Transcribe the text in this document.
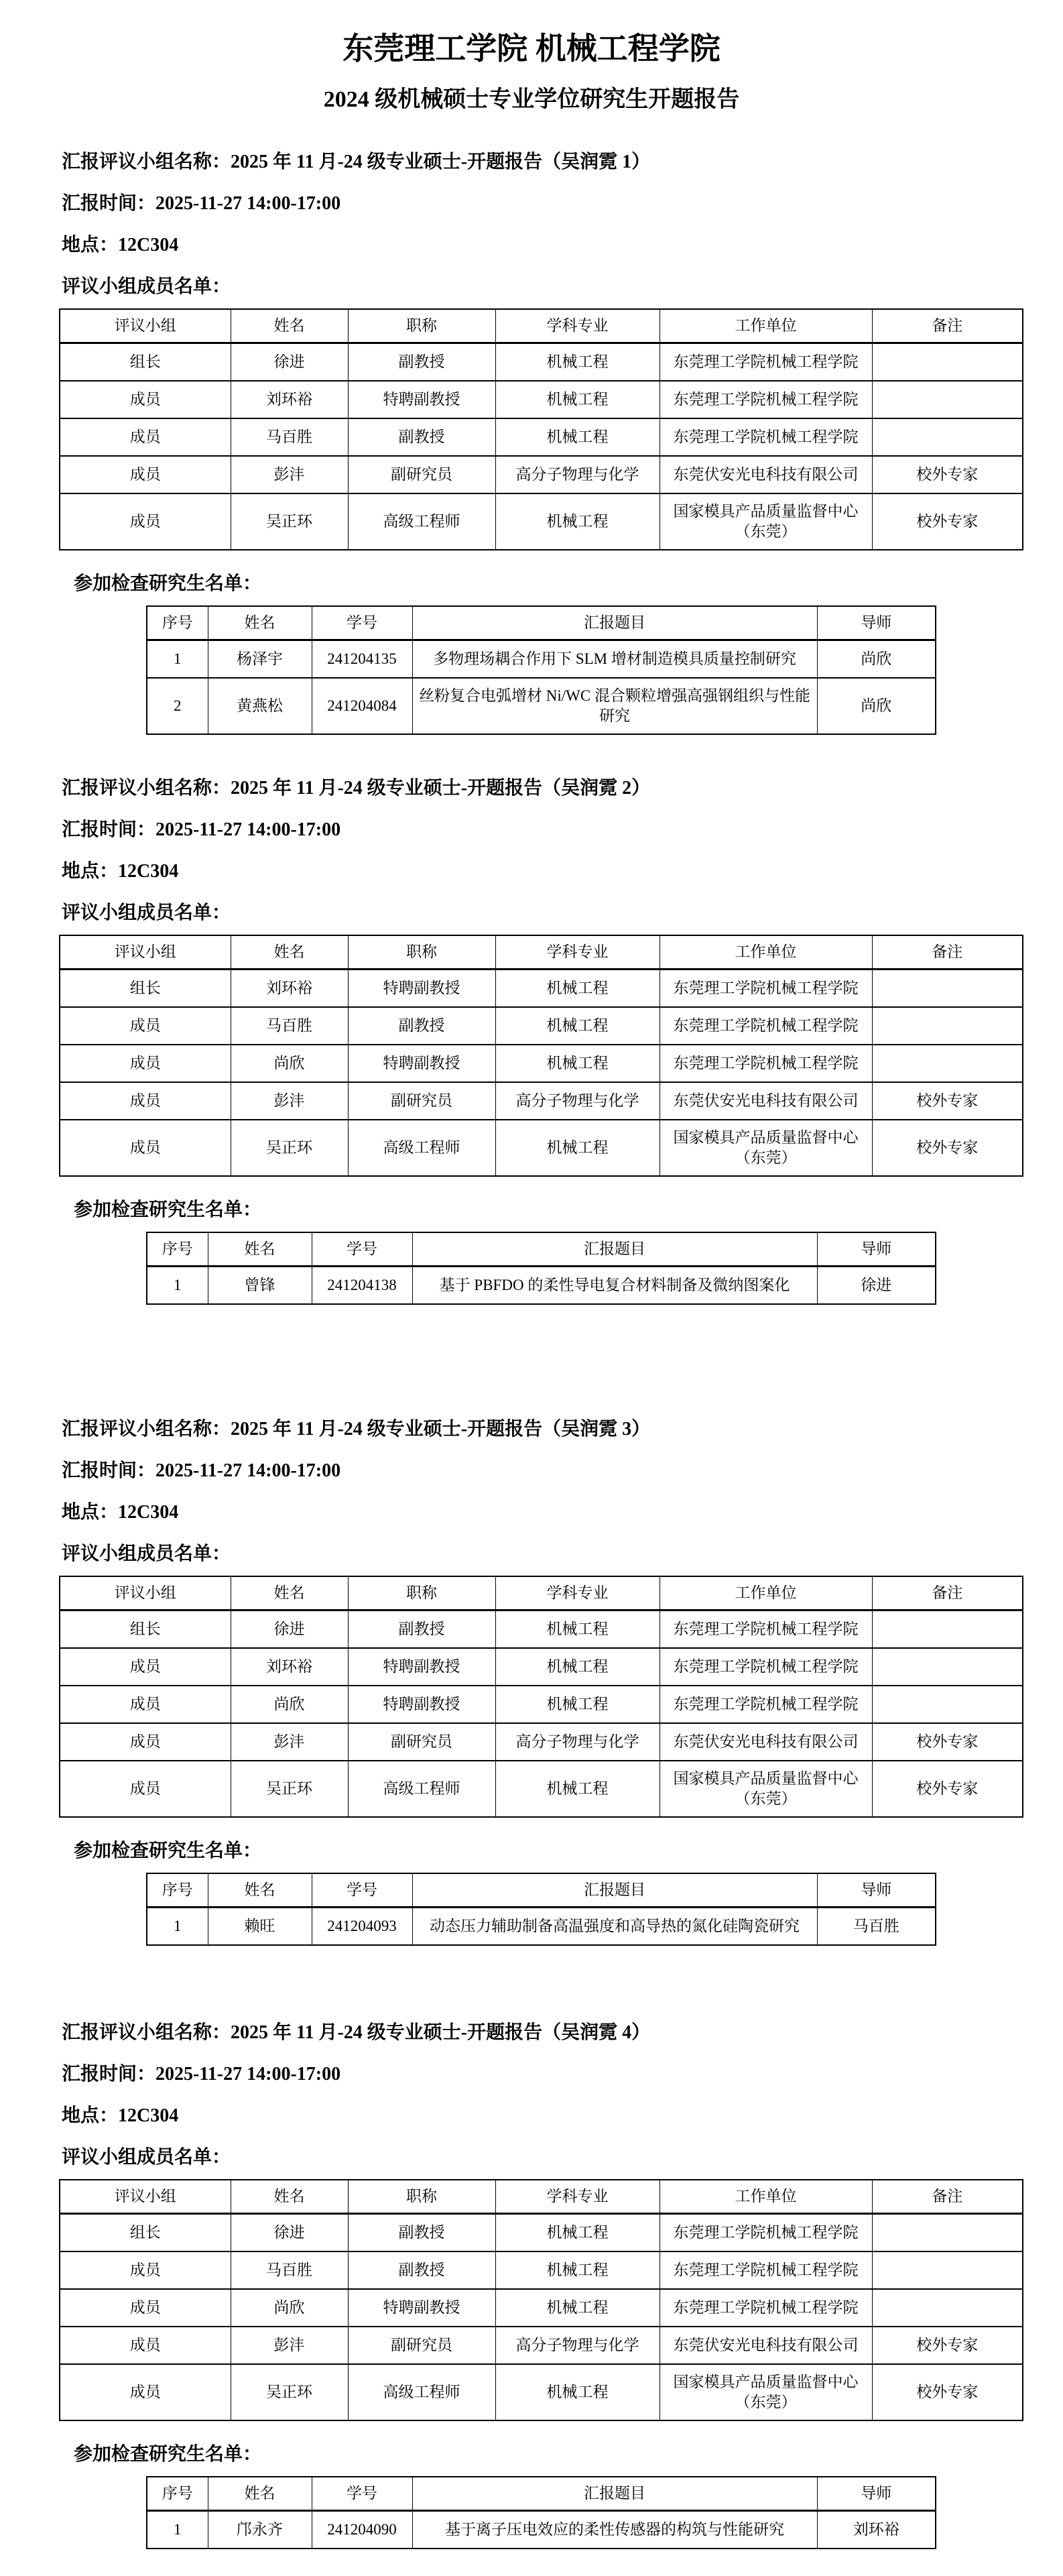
东莞理工学院 机械工程学院
2024 级机械硕士专业学位研究生开题报告

汇报评议小组名称：2025 年 11 月-24 级专业硕士-开题报告（吴润霓 1）

汇报时间：2025-11-27 14:00-17:00

地点：12C304

评议小组成员名单：

评议小组	姓名	职称	学科专业	工作单位	备注
组长	徐进	副教授	机械工程	东莞理工学院机械工程学院	
成员	刘环裕	特聘副教授	机械工程	东莞理工学院机械工程学院	
成员	马百胜	副教授	机械工程	东莞理工学院机械工程学院	
成员	彭沣	副研究员	高分子物理与化学	东莞伏安光电科技有限公司	校外专家
成员	吴正环	高级工程师	机械工程	国家模具产品质量监督中心（东莞）	校外专家

参加检查研究生名单：

序号	姓名	学号	汇报题目	导师
1	杨泽宇	241204135	多物理场耦合作用下 SLM 增材制造模具质量控制研究	尚欣
2	黄燕松	241204084	丝粉复合电弧增材 Ni/WC 混合颗粒增强高强钢组织与性能研究	尚欣

汇报评议小组名称：2025 年 11 月-24 级专业硕士-开题报告（吴润霓 2）

汇报时间：2025-11-27 14:00-17:00

地点：12C304

评议小组成员名单：

评议小组	姓名	职称	学科专业	工作单位	备注
组长	刘环裕	特聘副教授	机械工程	东莞理工学院机械工程学院	
成员	马百胜	副教授	机械工程	东莞理工学院机械工程学院	
成员	尚欣	特聘副教授	机械工程	东莞理工学院机械工程学院	
成员	彭沣	副研究员	高分子物理与化学	东莞伏安光电科技有限公司	校外专家
成员	吴正环	高级工程师	机械工程	国家模具产品质量监督中心（东莞）	校外专家

参加检查研究生名单：

序号	姓名	学号	汇报题目	导师
1	曾锋	241204138	基于 PBFDO 的柔性导电复合材料制备及微纳图案化	徐进

汇报评议小组名称：2025 年 11 月-24 级专业硕士-开题报告（吴润霓 3）

汇报时间：2025-11-27 14:00-17:00

地点：12C304

评议小组成员名单：

评议小组	姓名	职称	学科专业	工作单位	备注
组长	徐进	副教授	机械工程	东莞理工学院机械工程学院	
成员	刘环裕	特聘副教授	机械工程	东莞理工学院机械工程学院	
成员	尚欣	特聘副教授	机械工程	东莞理工学院机械工程学院	
成员	彭沣	副研究员	高分子物理与化学	东莞伏安光电科技有限公司	校外专家
成员	吴正环	高级工程师	机械工程	国家模具产品质量监督中心（东莞）	校外专家

参加检查研究生名单：

序号	姓名	学号	汇报题目	导师
1	赖旺	241204093	动态压力辅助制备高温强度和高导热的氮化硅陶瓷研究	马百胜

汇报评议小组名称：2025 年 11 月-24 级专业硕士-开题报告（吴润霓 4）

汇报时间：2025-11-27 14:00-17:00

地点：12C304

评议小组成员名单：

评议小组	姓名	职称	学科专业	工作单位	备注
组长	徐进	副教授	机械工程	东莞理工学院机械工程学院	
成员	马百胜	副教授	机械工程	东莞理工学院机械工程学院	
成员	尚欣	特聘副教授	机械工程	东莞理工学院机械工程学院	
成员	彭沣	副研究员	高分子物理与化学	东莞伏安光电科技有限公司	校外专家
成员	吴正环	高级工程师	机械工程	国家模具产品质量监督中心（东莞）	校外专家

参加检查研究生名单：

序号	姓名	学号	汇报题目	导师
1	邝永齐	241204090	基于离子压电效应的柔性传感器的构筑与性能研究	刘环裕
